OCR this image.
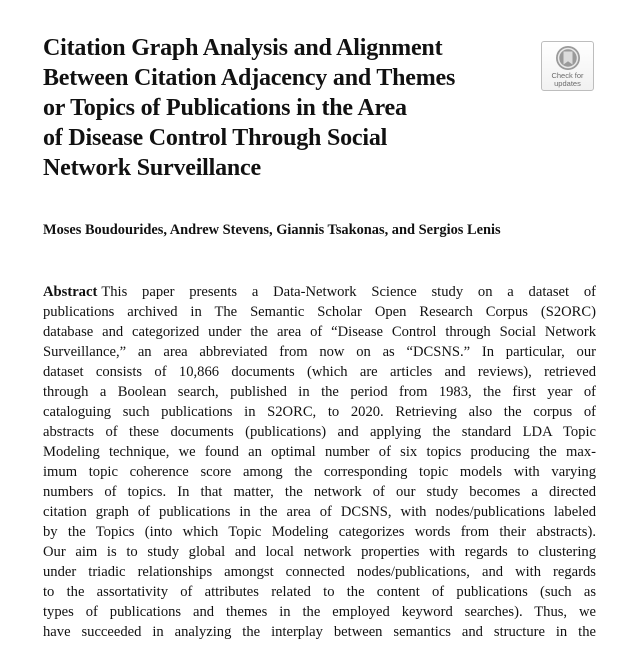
Citation Graph Analysis and Alignment
Between Citation Adjacency and Themes
or Topics of Publications in the Area
of Disease Control Through Social
Network Surveillance
Check for
updates

Moses Boudourides, Andrew Stevens, Giannis Tsakonas, and Sergios Lenis

Abstract This paper presents a Data-Network Science study on a dataset of
publications archived in The Semantic Scholar Open Research Corpus (S2ORC)
database and categorized under the area of “Disease Control through Social Network
Surveillance,” an area abbreviated from now on as “DCSNS.” In particular, our
dataset consists of 10,866 documents (which are articles and reviews), retrieved
through a Boolean search, published in the period from 1983, the first year of
cataloguing such publications in S2ORC, to 2020. Retrieving also the corpus of
abstracts of these documents (publications) and applying the standard LDA Topic
Modeling technique, we found an optimal number of six topics producing the max-
imum topic coherence score among the corresponding topic models with varying
numbers of topics. In that matter, the network of our study becomes a directed
citation graph of publications in the area of DCSNS, with nodes/publications labeled
by the Topics (into which Topic Modeling categorizes words from their abstracts).
Our aim is to study global and local network properties with regards to clustering
under triadic relationships amongst connected nodes/publications, and with regards
to the assortativity of attributes related to the content of publications (such as
types of publications and themes in the employed keyword searches). Thus, we
have succeeded in analyzing the interplay between semantics and structure in the
